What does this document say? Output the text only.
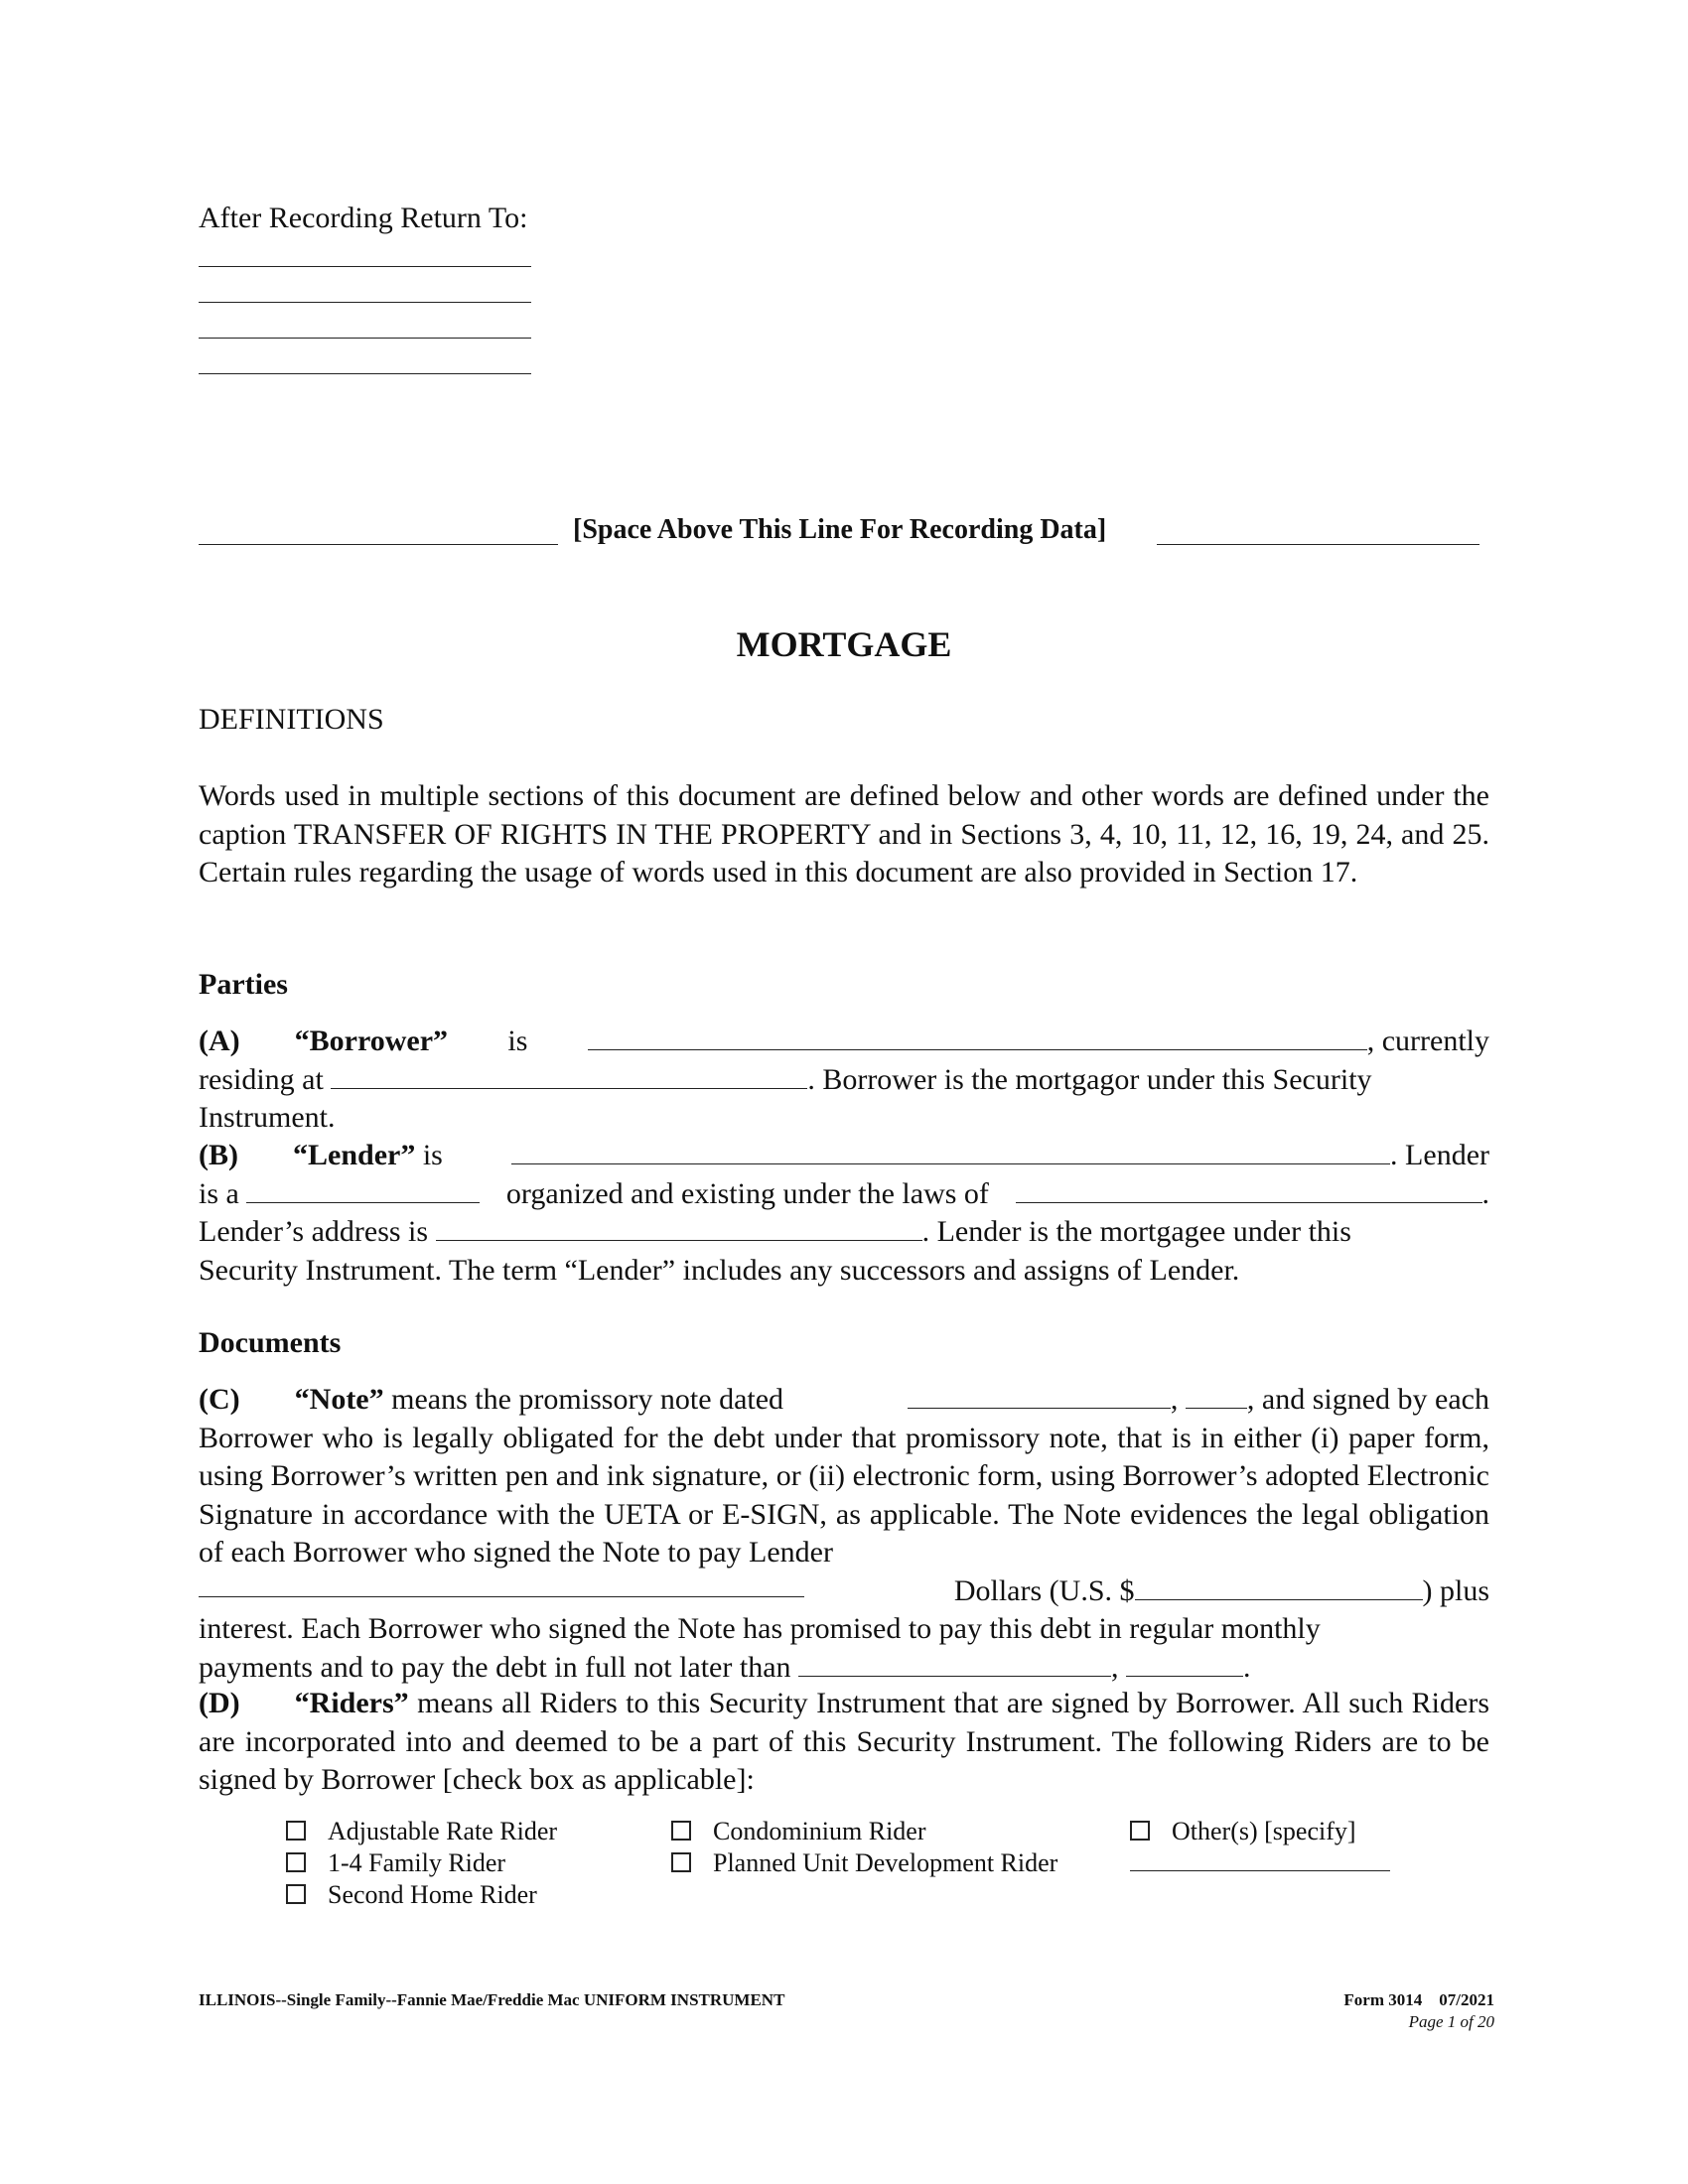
After Recording Return To:
[Space Above This Line For Recording Data]
MORTGAGE
DEFINITIONS

Words used in multiple sections of this document are defined below and other words are defined under the caption TRANSFER OF RIGHTS IN THE PROPERTY and in Sections 3, 4, 10, 11, 12, 16, 19, 24, and 25. Certain rules regarding the usage of words used in this document are also provided in Section 17.

Parties
(A) “Borrower” is	, currently
residing at	. Borrower is the mortgagor under this Security
Instrument.
(B) “Lender” is	. Lender
is a	organized and existing under the laws of	.
Lender’s address is	. Lender is the mortgagee under this
Security Instrument. The term “Lender” includes any successors and assigns of Lender.
Documents
(C) “Note” means the promissory note dated	, , and signed by each

Borrower who is legally obligated for the debt under that promissory note, that is in either (i) paper form, using Borrower’s written pen and ink signature, or (ii) electronic form, using Borrower’s adopted Electronic Signature in accordance with the UETA or E-SIGN, as applicable. The Note evidences the legal obligation of each Borrower who signed the Note to pay Lender

Dollars (U.S. $	) plus
interest. Each Borrower who signed the Note has promised to pay this debt in regular monthly
payments and to pay the debt in full not later than	,	.

(D) “Riders” means all Riders to this Security Instrument that are signed by Borrower. All such Riders are incorporated into and deemed to be a part of this Security Instrument. The following Riders are to be signed by Borrower [check box as applicable]:

Adjustable Rate Rider	Condominium Rider	Other(s) [specify]
1-4 Family Rider	Planned Unit Development Rider
Second Home Rider
ILLINOIS--Single Family--Fannie Mae/Freddie Mac UNIFORM INSTRUMENT	Form 3014    07/2021
Page 1 of 20
